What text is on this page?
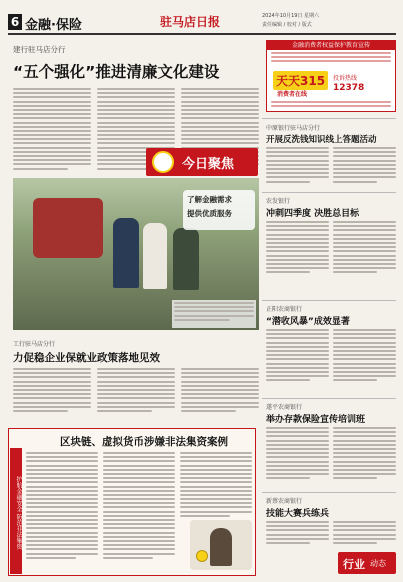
6 金融·保险	驻马店日报	2024年10月19日 星期六
责任编辑 / 校对 / 版式
建行驻马店分行
“五个强化”推进清廉文化建设
金融消费者权益保护教育宣传
天天315
消费者在线
投诉热线
12378
中原银行驻马店分行
开展反洗钱知识线上答题活动
今日聚焦
了解金融需求
提供优质服务
农发银行
冲刺四季度 决胜总目标
正阳农商银行
“潜收风暴”成效显著
工行驻马店分行
力促稳企业保就业政策落地见效
遂平农商银行
举办存款保险宣传培训班
护航金融安全 防范非法集资
区块链、虚拟货币涉嫌非法集资案例
新蔡农商银行
技能大赛兵练兵
行业 动态
